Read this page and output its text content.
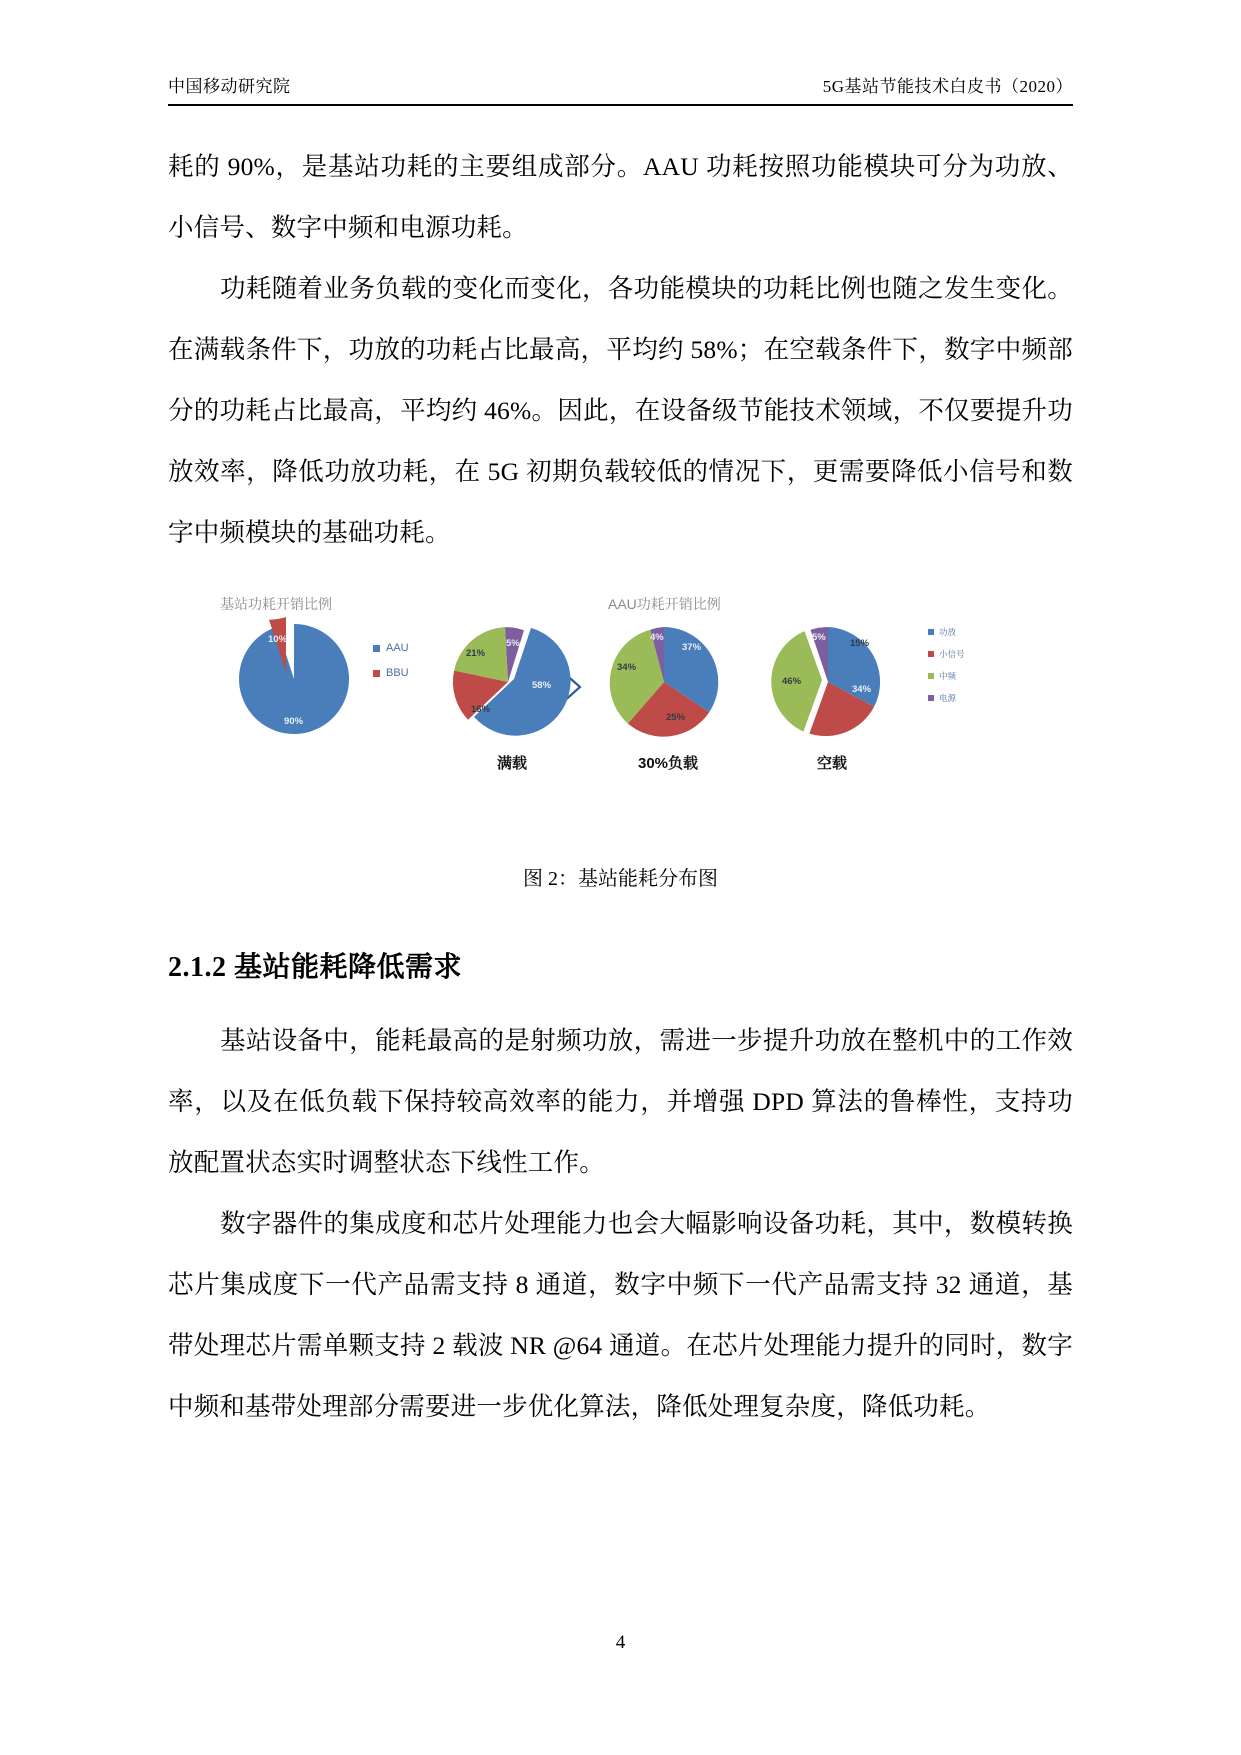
中国移动研究院	5G基站节能技术白皮书（2020）

耗的 90%，是基站功耗的主要组成部分。AAU 功耗按照功能模块可分为功放、小信号、数字中频和电源功耗。

功耗随着业务负载的变化而变化，各功能模块的功耗比例也随之发生变化。在满载条件下，功放的功耗占比最高，平均约 58%；在空载条件下，数字中频部分的功耗占比最高，平均约 46%。因此，在设备级节能技术领域，不仅要提升功放效率，降低功放功耗，在 5G 初期负载较低的情况下，更需要降低小信号和数字中频模块的基础功耗。

基站功耗开销比例	AAU功耗开销比例
10%
90%
AAU
BBU
21%
16%
5%
58%
满载
37%
25%
34%
4%
30%负载
15%
34%
46%
5%
空载
功放
小信号
中频
电源
图 2：基站能耗分布图
2.1.2 基站能耗降低需求

基站设备中，能耗最高的是射频功放，需进一步提升功放在整机中的工作效率，以及在低负载下保持较高效率的能力，并增强 DPD 算法的鲁棒性，支持功放配置状态实时调整状态下线性工作。

数字器件的集成度和芯片处理能力也会大幅影响设备功耗，其中，数模转换芯片集成度下一代产品需支持 8 通道，数字中频下一代产品需支持 32 通道，基带处理芯片需单颗支持 2 载波 NR @64 通道。在芯片处理能力提升的同时，数字中频和基带处理部分需要进一步优化算法，降低处理复杂度，降低功耗。

4
